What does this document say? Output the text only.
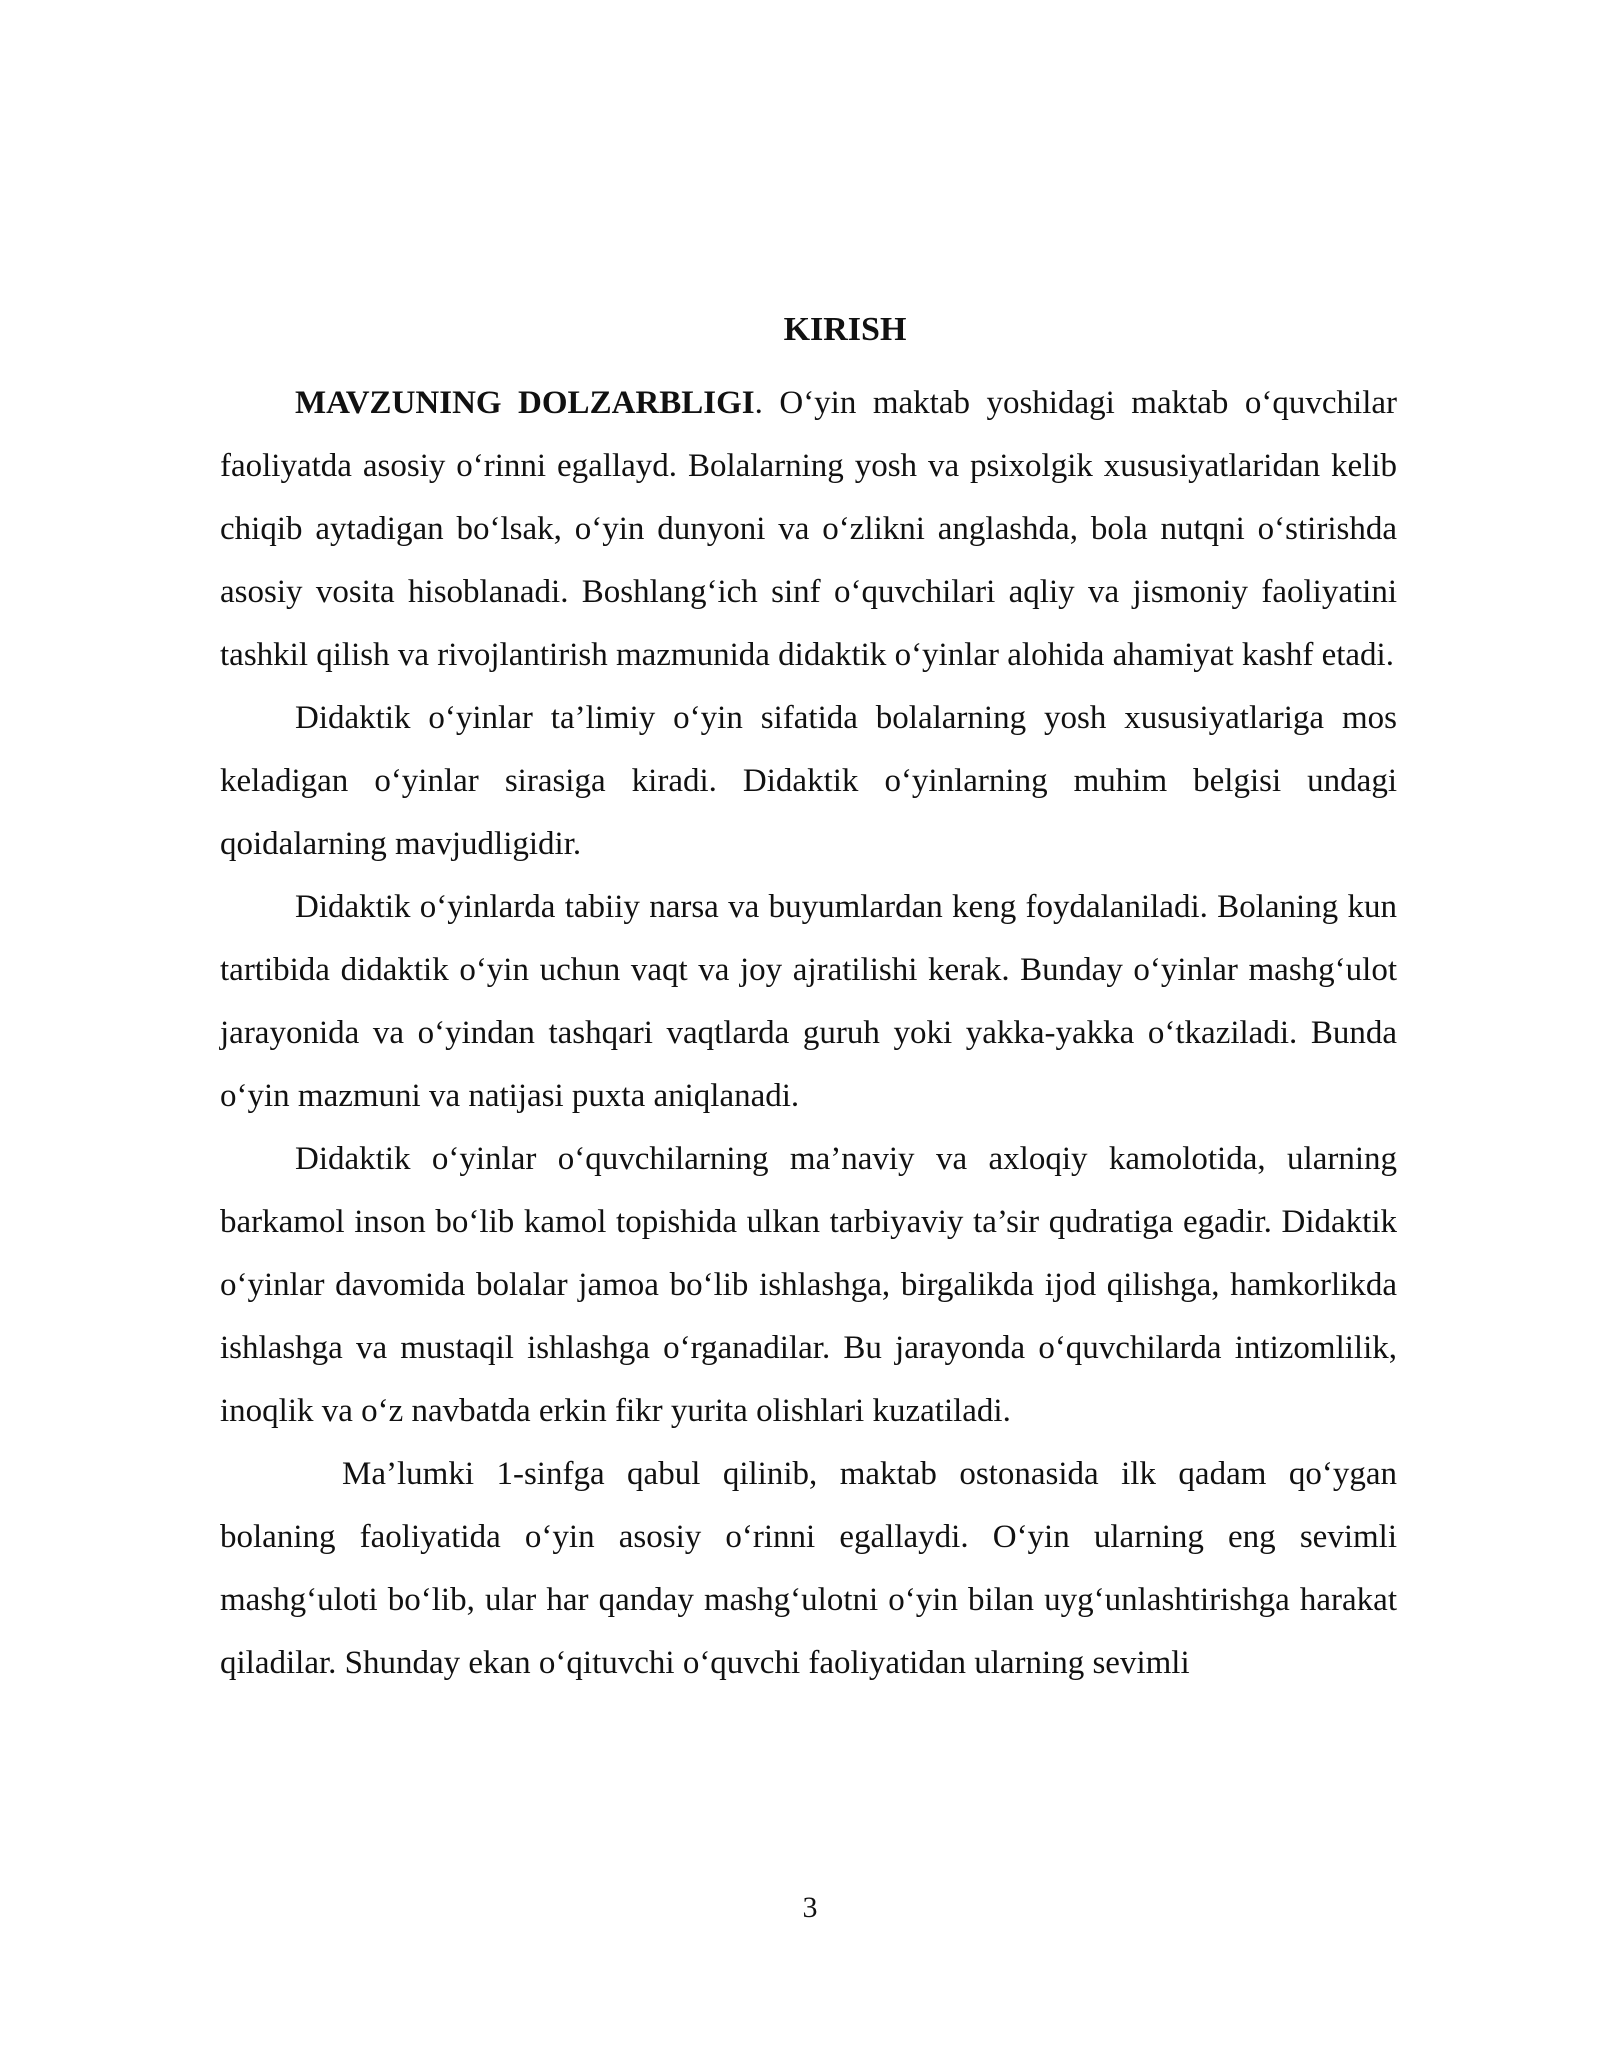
KIRISH

MAVZUNING DOLZARBLIGI. O‘yin maktab yoshidagi maktab o‘quvchilar faoliyatda asosiy o‘rinni egallayd. Bolalarning yosh va psixolgik xususiyatlaridan kelib chiqib aytadigan bo‘lsak, o‘yin dunyoni va o‘zlikni anglashda, bola nutqni o‘stirishda asosiy vosita hisoblanadi. Boshlang‘ich sinf o‘quvchilari aqliy va jismoniy faoliyatini tashkil qilish va rivojlantirish mazmunida didaktik o‘yinlar alohida ahamiyat kashf etadi.

Didaktik o‘yinlar ta’limiy o‘yin sifatida bolalarning yosh xususiyatlariga mos keladigan o‘yinlar sirasiga kiradi. Didaktik o‘yinlarning muhim belgisi undagi qoidalarning mavjudligidir.

Didaktik o‘yinlarda tabiiy narsa va buyumlardan keng foydalaniladi. Bolaning kun tartibida didaktik o‘yin uchun vaqt va joy ajratilishi kerak. Bunday o‘yinlar mashg‘ulot jarayonida va o‘yindan tashqari vaqtlarda guruh yoki yakka-yakka o‘tkaziladi. Bunda o‘yin mazmuni va natijasi puxta aniqlanadi.

Didaktik o‘yinlar o‘quvchilarning ma’naviy va axloqiy kamolotida, ularning barkamol inson bo‘lib kamol topishida ulkan tarbiyaviy ta’sir qudratiga egadir. Didaktik o‘yinlar davomida bolalar jamoa bo‘lib ishlashga, birgalikda ijod qilishga, hamkorlikda ishlashga va mustaqil ishlashga o‘rganadilar. Bu jarayonda o‘quvchilarda intizomlilik, inoqlik va o‘z navbatda erkin fikr yurita olishlari kuzatiladi.

Ma’lumki 1-sinfga qabul qilinib, maktab ostonasida ilk qadam qo‘ygan bolaning faoliyatida o‘yin asosiy o‘rinni egallaydi. O‘yin ularning eng sevimli mashg‘uloti bo‘lib, ular har qanday mashg‘ulotni o‘yin bilan uyg‘unlashtirishga harakat qiladilar. Shunday ekan o‘qituvchi o‘quvchi faoliyatidan ularning sevimli

3
